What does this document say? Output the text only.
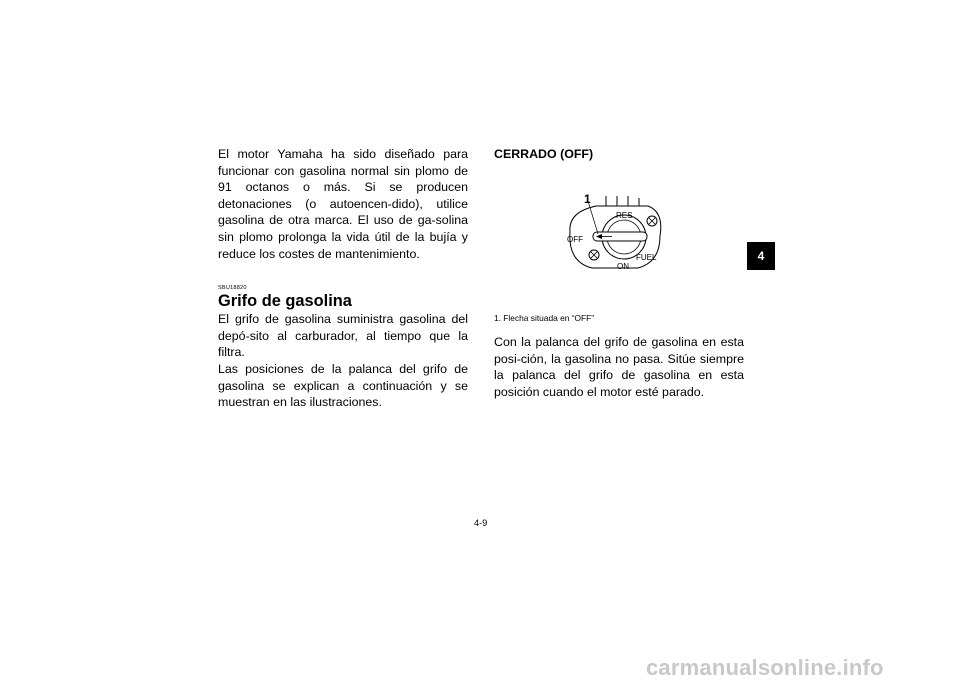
El motor Yamaha ha sido diseñado para funcionar con gasolina normal sin plomo de 91 octanos o más. Si se producen detonaciones (o autoencen-dido), utilice gasolina de otra marca. El uso de ga-solina sin plomo prolonga la vida útil de la bujía y reduce los costes de mantenimiento.

SBU18820
Grifo de gasolina

El grifo de gasolina suministra gasolina del depó-sito al carburador, al tiempo que la filtra.

Las posiciones de la palanca del grifo de gasolina se explican a continuación y se muestran en las ilustraciones.

CERRADO (OFF)
1
RES
OFF
FUEL
ON
1. Flecha situada en “OFF”

Con la palanca del grifo de gasolina en esta posi-ción, la gasolina no pasa. Sitúe siempre la palanca del grifo de gasolina en esta posición cuando el motor esté parado.

4
4-9
carmanualsonline.info
